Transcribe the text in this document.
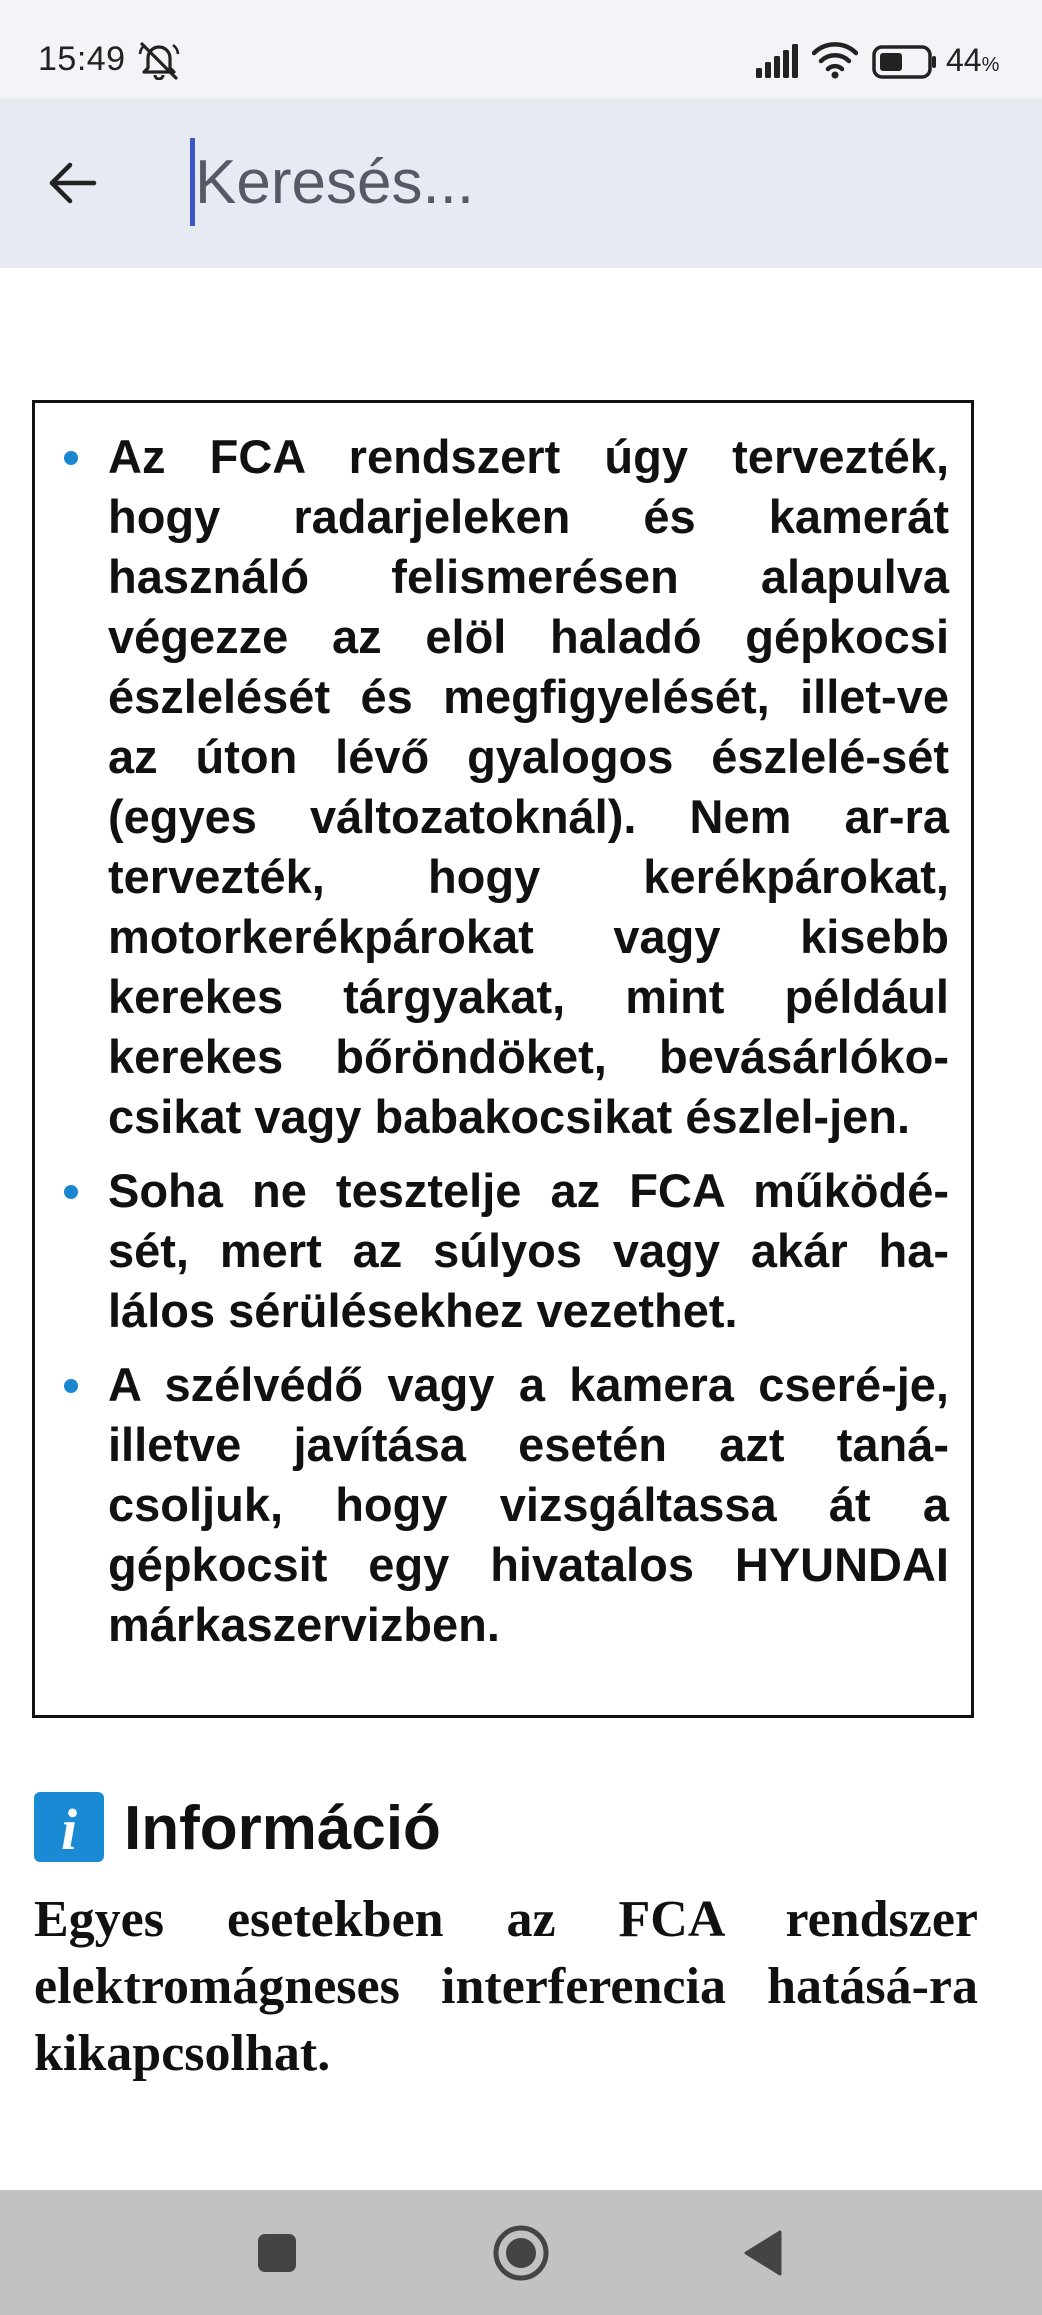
15:49	44%
Keresés...
Az FCA rendszert úgy tervezték, hogy radarjeleken és kamerát használó felismerésen alapulva végezze az elöl haladó gépkocsi észlelését és megfigyelését, illet-ve az úton lévő gyalogos észlelé-sét (egyes változatoknál). Nem ar-ra tervezték, hogy kerékpárokat, motorkerékpárokat vagy kisebb kerekes tárgyakat, mint például kerekes bőröndöket, bevásárlóko-csikat vagy babakocsikat észlel-jen.
Soha ne tesztelje az FCA működé-sét, mert az súlyos vagy akár ha-lálos sérülésekhez vezethet.
A szélvédő vagy a kamera cseré-je, illetve javítása esetén azt taná-csoljuk, hogy vizsgáltassa át a gépkocsit egy hivatalos HYUNDAI márkaszervizben.
i Információ

Egyes esetekben az FCA rendszer elektromágneses interferencia hatásá-ra kikapcsolhat.
